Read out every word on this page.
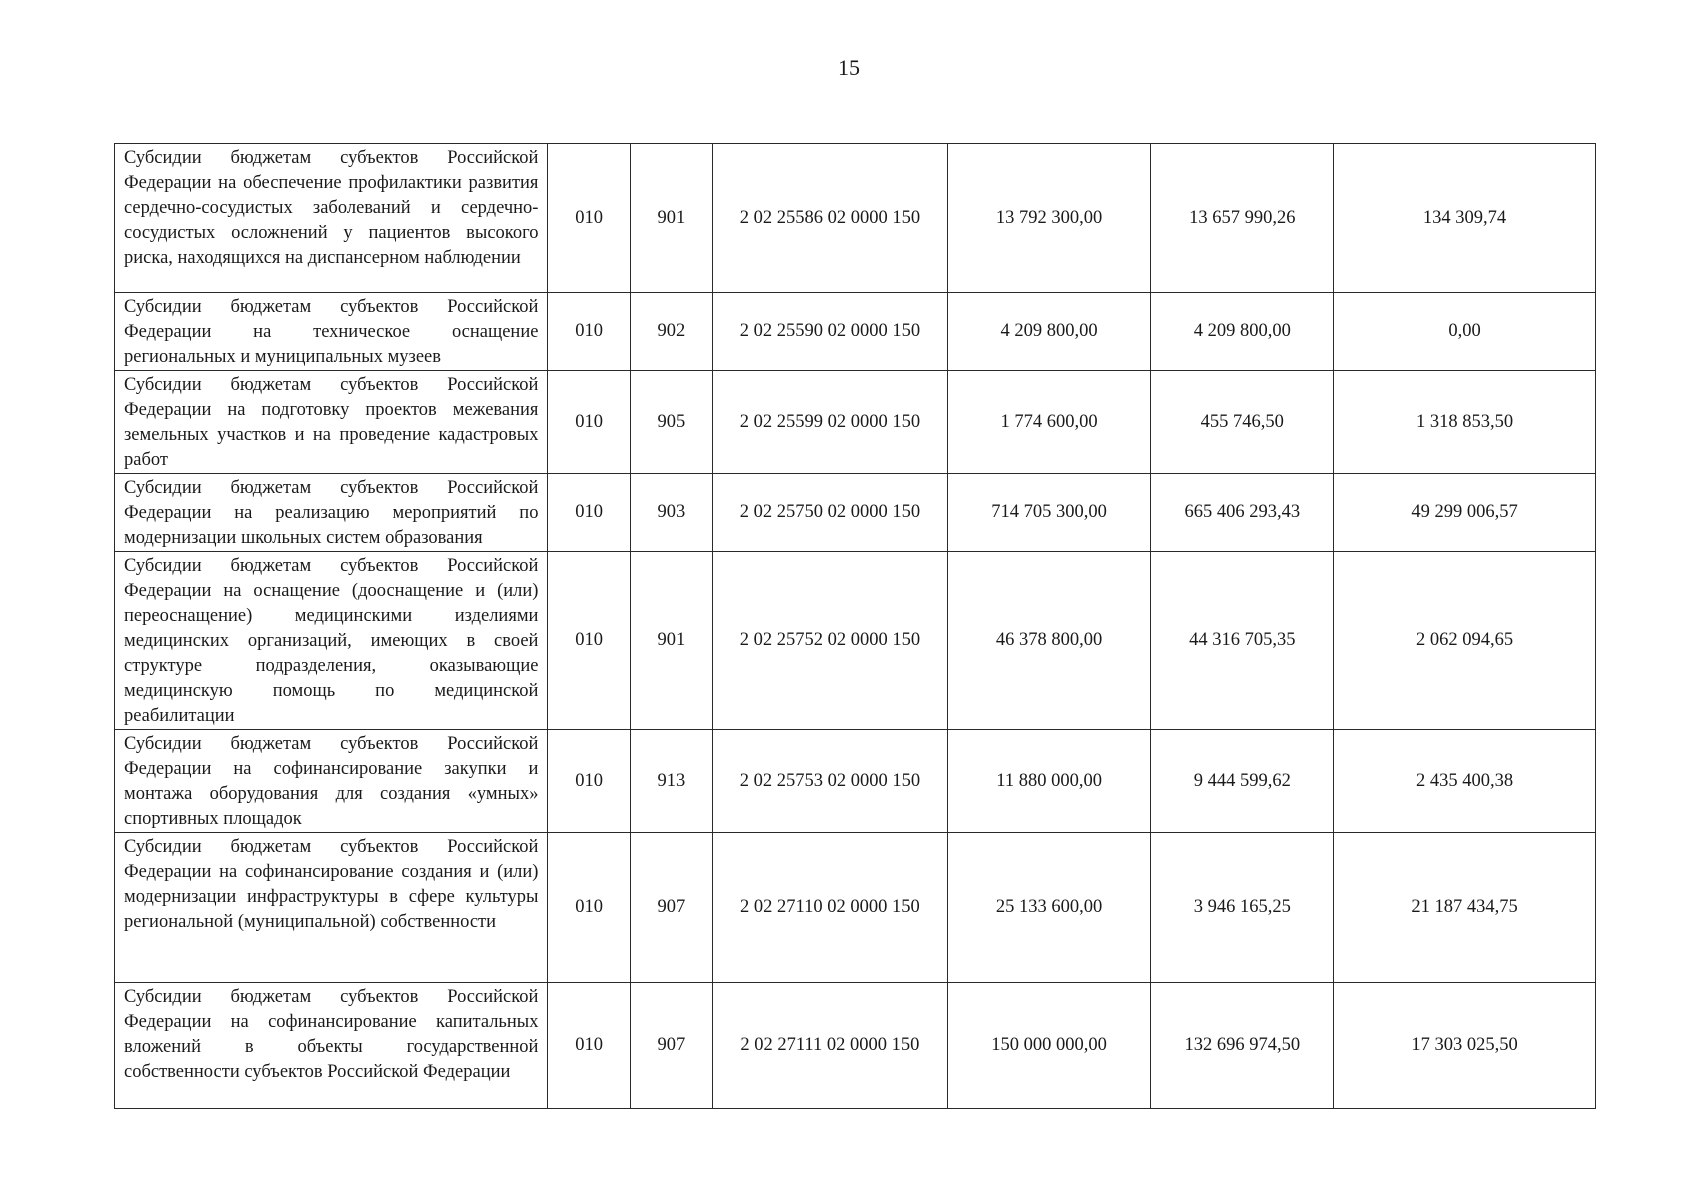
15
Субсидии бюджетам субъектов Российской Федерации на обеспечение профилактики развития сердечно-сосудистых заболеваний и сердечно-сосудистых осложнений у пациентов высокого риска, находящихся на диспансерном наблюдении	010	901	2 02 25586 02 0000 150	13 792 300,00	13 657 990,26	134 309,74
Субсидии бюджетам субъектов Российской Федерации на техническое оснащение региональных и муниципальных музеев	010	902	2 02 25590 02 0000 150	4 209 800,00	4 209 800,00	0,00
Субсидии бюджетам субъектов Российской Федерации на подготовку проектов межевания земельных участков и на проведение кадастровых работ	010	905	2 02 25599 02 0000 150	1 774 600,00	455 746,50	1 318 853,50
Субсидии бюджетам субъектов Российской Федерации на реализацию мероприятий по модернизации школьных систем образования	010	903	2 02 25750 02 0000 150	714 705 300,00	665 406 293,43	49 299 006,57
Субсидии бюджетам субъектов Российской Федерации на оснащение (дооснащение и (или) переоснащение) медицинскими изделиями медицинских организаций, имеющих в своей структуре подразделения, оказывающие медицинскую помощь по медицинской реабилитации	010	901	2 02 25752 02 0000 150	46 378 800,00	44 316 705,35	2 062 094,65
Субсидии бюджетам субъектов Российской Федерации на софинансирование закупки и монтажа оборудования для создания «умных» спортивных площадок	010	913	2 02 25753 02 0000 150	11 880 000,00	9 444 599,62	2 435 400,38
Субсидии бюджетам субъектов Российской Федерации на софинансирование создания и (или) модернизации инфраструктуры в сфере культуры региональной (муниципальной) собственности	010	907	2 02 27110 02 0000 150	25 133 600,00	3 946 165,25	21 187 434,75
Субсидии бюджетам субъектов Российской Федерации на софинансирование капитальных вложений в объекты государственной собственности субъектов Российской Федерации	010	907	2 02 27111 02 0000 150	150 000 000,00	132 696 974,50	17 303 025,50
